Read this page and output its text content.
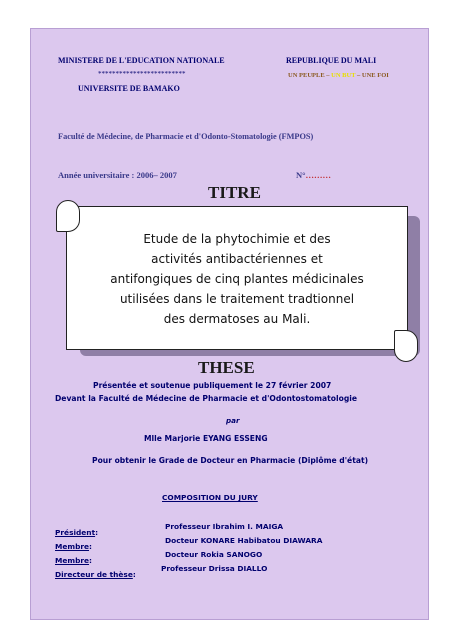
MINISTERE DE L'EDUCATION NATIONALE
*************************
UNIVERSITE DE BAMAKO
REPUBLIQUE DU MALI
UN PEUPLE – UN BUT – UNE FOI
Faculté de Médecine, de Pharmacie et d'Odonto-Stomatologie (FMPOS)
Année universitaire : 2006– 2007	N°………
TITRE
Etude de la phytochimie et des
activités antibactériennes et
antifongiques de cinq plantes médicinales
utilisées dans le traitement tradtionnel
des dermatoses au Mali.
THESE
Présentée et soutenue publiquement le 27 février 2007
Devant la Faculté de Médecine de Pharmacie et d'Odontostomatologie
par
Mlle Marjorie EYANG ESSENG
Pour obtenir le Grade de Docteur en Pharmacie (Diplôme d'état)
COMPOSITION DU JURY
Président:
Professeur Ibrahim I. MAIGA
Membre:
Docteur KONARE Habibatou DIAWARA
Membre:
Docteur Rokia SANOGO
Directeur de thèse:
Professeur Drissa DIALLO
